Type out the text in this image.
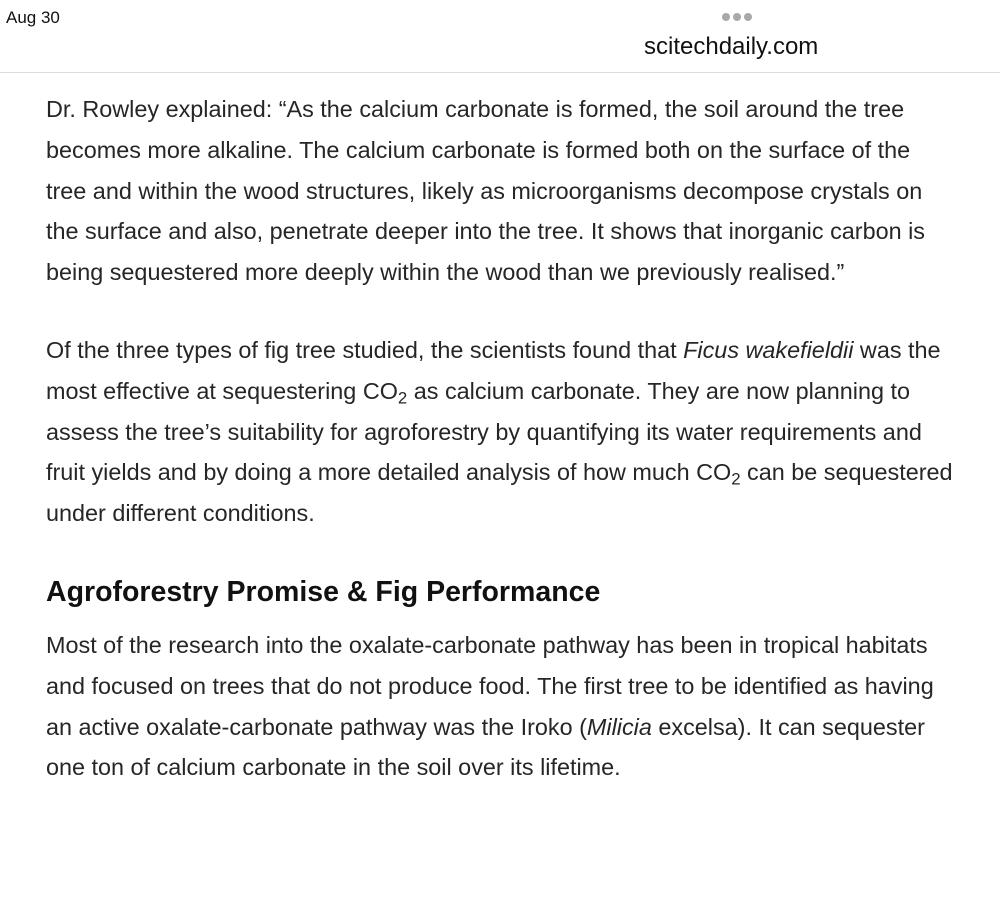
Aug 30
scitechdaily.com

Dr. Rowley explained: “As the calcium carbonate is formed, the soil around the tree becomes more alkaline. The calcium carbonate is formed both on the surface of the tree and within the wood structures, likely as microorganisms decompose crystals on the surface and also, penetrate deeper into the tree. It shows that inorganic carbon is being sequestered more deeply within the wood than we previously realised.”

Of the three types of fig tree studied, the scientists found that Ficus wakefieldii was the most effective at sequestering $CO_2$ as calcium carbonate. They are now planning to assess the tree’s suitability for agroforestry by quantifying its water requirements and fruit yields and by doing a more detailed analysis of how much $CO_2$ can be sequestered under different conditions.

Agroforestry Promise & Fig Performance

Most of the research into the oxalate-carbonate pathway has been in tropical habitats and focused on trees that do not produce food. The first tree to be identified as having an active oxalate-carbonate pathway was the Iroko (Milicia excelsa). It can sequester one ton of calcium carbonate in the soil over its lifetime.
